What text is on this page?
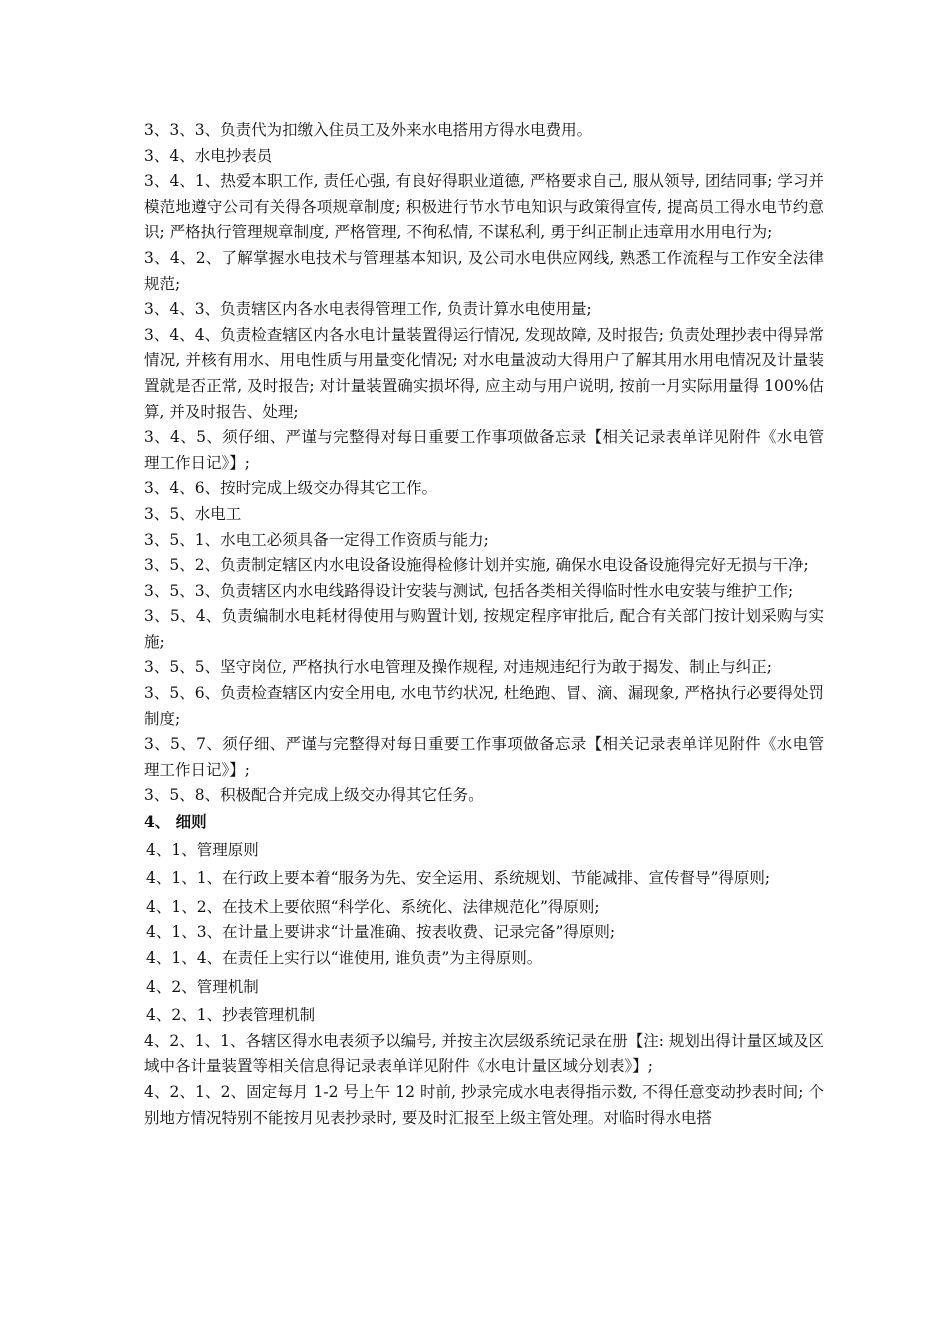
3、3、3、负责代为扣缴入住员工及外来水电搭用方得水电费用。

3、4、水电抄表员

3、4、1、热爱本职工作, 责任心强, 有良好得职业道德, 严格要求自己, 服从领导, 团结同事; 学习并模范地遵守公司有关得各项规章制度; 积极进行节水节电知识与政策得宣传, 提高员工得水电节约意识; 严格执行管理规章制度, 严格管理, 不徇私情, 不谋私利, 勇于纠正制止违章用水用电行为;

3、4、2、了解掌握水电技术与管理基本知识, 及公司水电供应网线, 熟悉工作流程与工作安全法律规范;

3、4、3、负责辖区内各水电表得管理工作, 负责计算水电使用量;

3、4、4、负责检查辖区内各水电计量装置得运行情况, 发现故障, 及时报告; 负责处理抄表中得异常情况, 并核有用水、用电性质与用量变化情况; 对水电量波动大得用户了解其用水用电情况及计量装置就是否正常, 及时报告; 对计量装置确实损坏得, 应主动与用户说明, 按前一月实际用量得 100%估算, 并及时报告、处理;

3、4、5、须仔细、严谨与完整得对每日重要工作事项做备忘录【相关记录表单详见附件《水电管理工作日记》】;

3、4、6、按时完成上级交办得其它工作。

3、5、水电工

3、5、1、水电工必须具备一定得工作资质与能力;

3、5、2、负责制定辖区内水电设备设施得检修计划并实施, 确保水电设备设施得完好无损与干净;

3、5、3、负责辖区内水电线路得设计安装与测试, 包括各类相关得临时性水电安装与维护工作;

3、5、4、负责编制水电耗材得使用与购置计划, 按规定程序审批后, 配合有关部门按计划采购与实施;

3、5、5、坚守岗位, 严格执行水电管理及操作规程, 对违规违纪行为敢于揭发、制止与纠正;

3、5、6、负责检查辖区内安全用电, 水电节约状况, 杜绝跑、冒、滴、漏现象, 严格执行必要得处罚制度;

3、5、7、须仔细、严谨与完整得对每日重要工作事项做备忘录【相关记录表单详见附件《水电管理工作日记》】;

3、5、8、积极配合并完成上级交办得其它任务。

4、 细则

4、1、管理原则

4、1、1、在行政上要本着“服务为先、安全运用、系统规划、节能减排、宣传督导”得原则;

4、1、2、在技术上要依照“科学化、系统化、法律规范化”得原则;

4、1、3、在计量上要讲求“计量准确、按表收费、记录完备”得原则;

4、1、4、在责任上实行以“谁使用, 谁负责”为主得原则。

4、2、管理机制

4、2、1、抄表管理机制

4、2、1、1、各辖区得水电表须予以编号, 并按主次层级系统记录在册【注: 规划出得计量区域及区域中各计量装置等相关信息得记录表单详见附件《水电计量区域分划表》】;

4、2、1、2、固定每月 1-2 号上午 12 时前, 抄录完成水电表得指示数, 不得任意变动抄表时间; 个别地方情况特别不能按月见表抄录时, 要及时汇报至上级主管处理。对临时得水电搭
